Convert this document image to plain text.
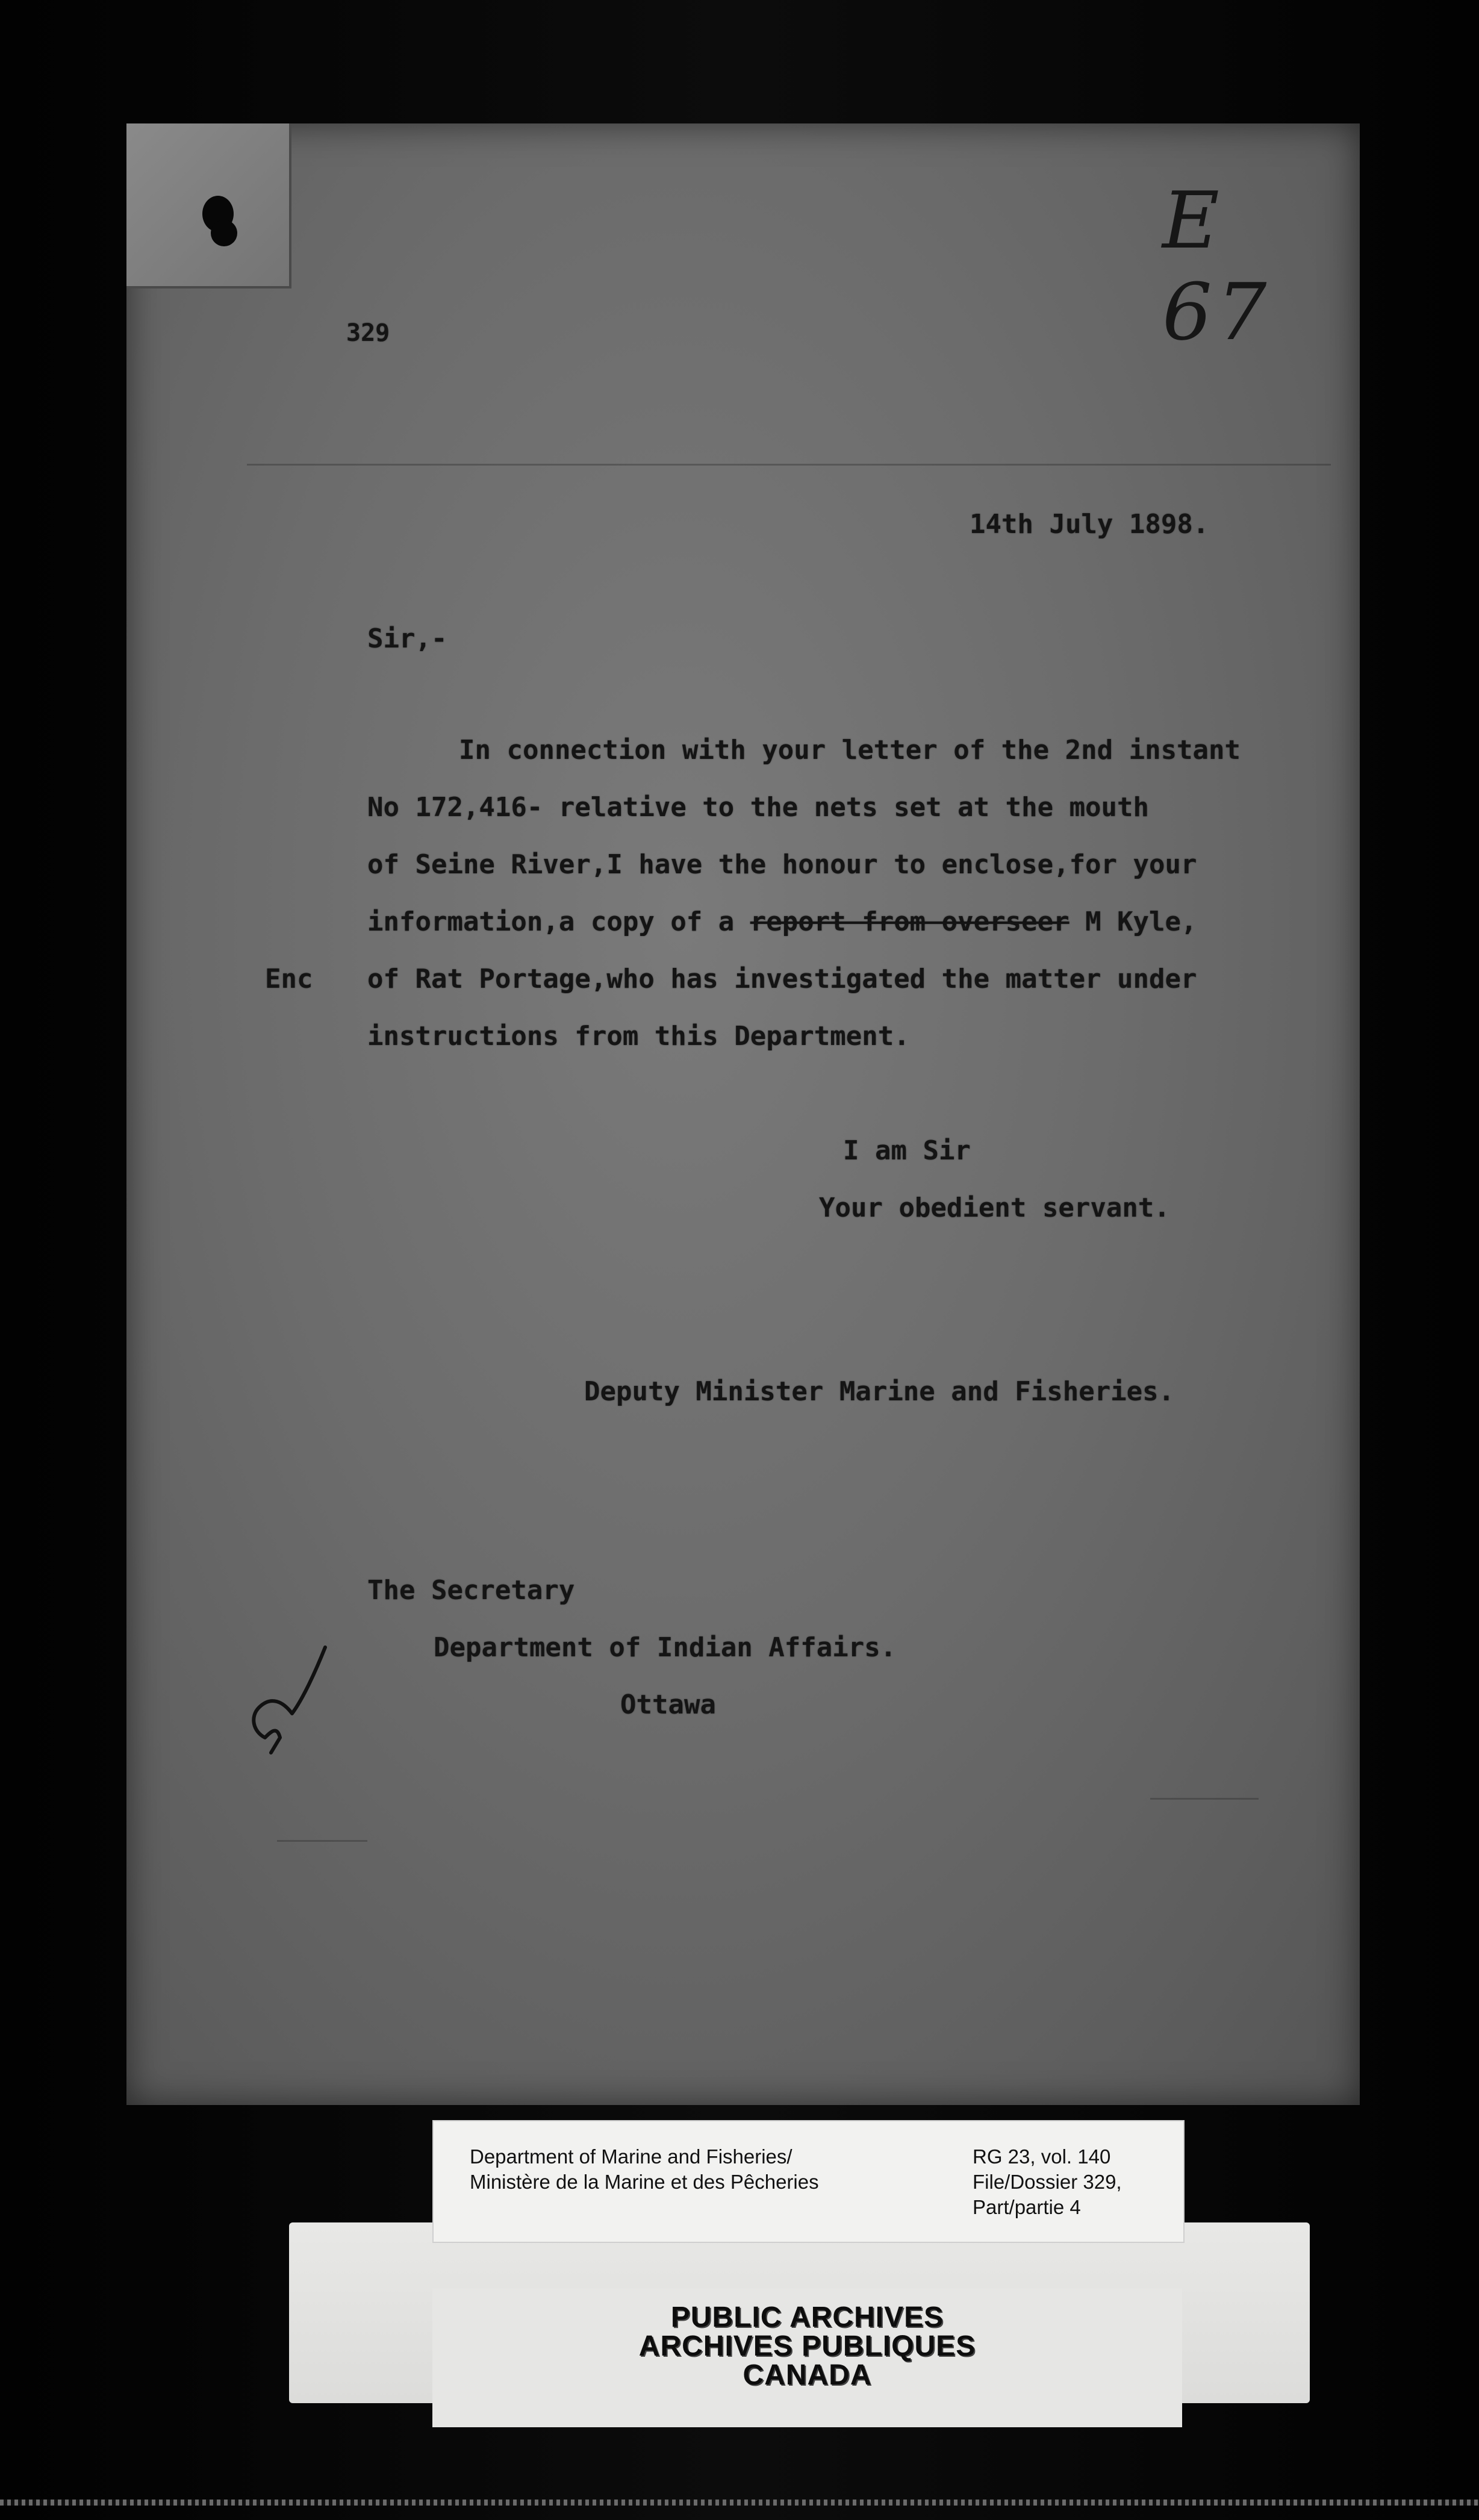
E 67
329
14th July 1898.
Sir,-
In connection with your letter of the 2nd instant
No 172,416- relative to the nets set at the mouth
of Seine River,I have the honour to enclose,for your
information,a copy of a report from overseer M Kyle,
Enc of Rat Portage,who has investigated the matter under
instructions from this Department.
I am Sir
Your obedient servant.
Deputy Minister Marine and Fisheries.
The Secretary
Department of Indian Affairs.
Ottawa
Department of Marine and Fisheries/
Ministère de la Marine et des Pêcheries
RG 23, vol. 140
File/Dossier 329,
Part/partie 4
PUBLIC ARCHIVES
ARCHIVES PUBLIQUES
CANADA
